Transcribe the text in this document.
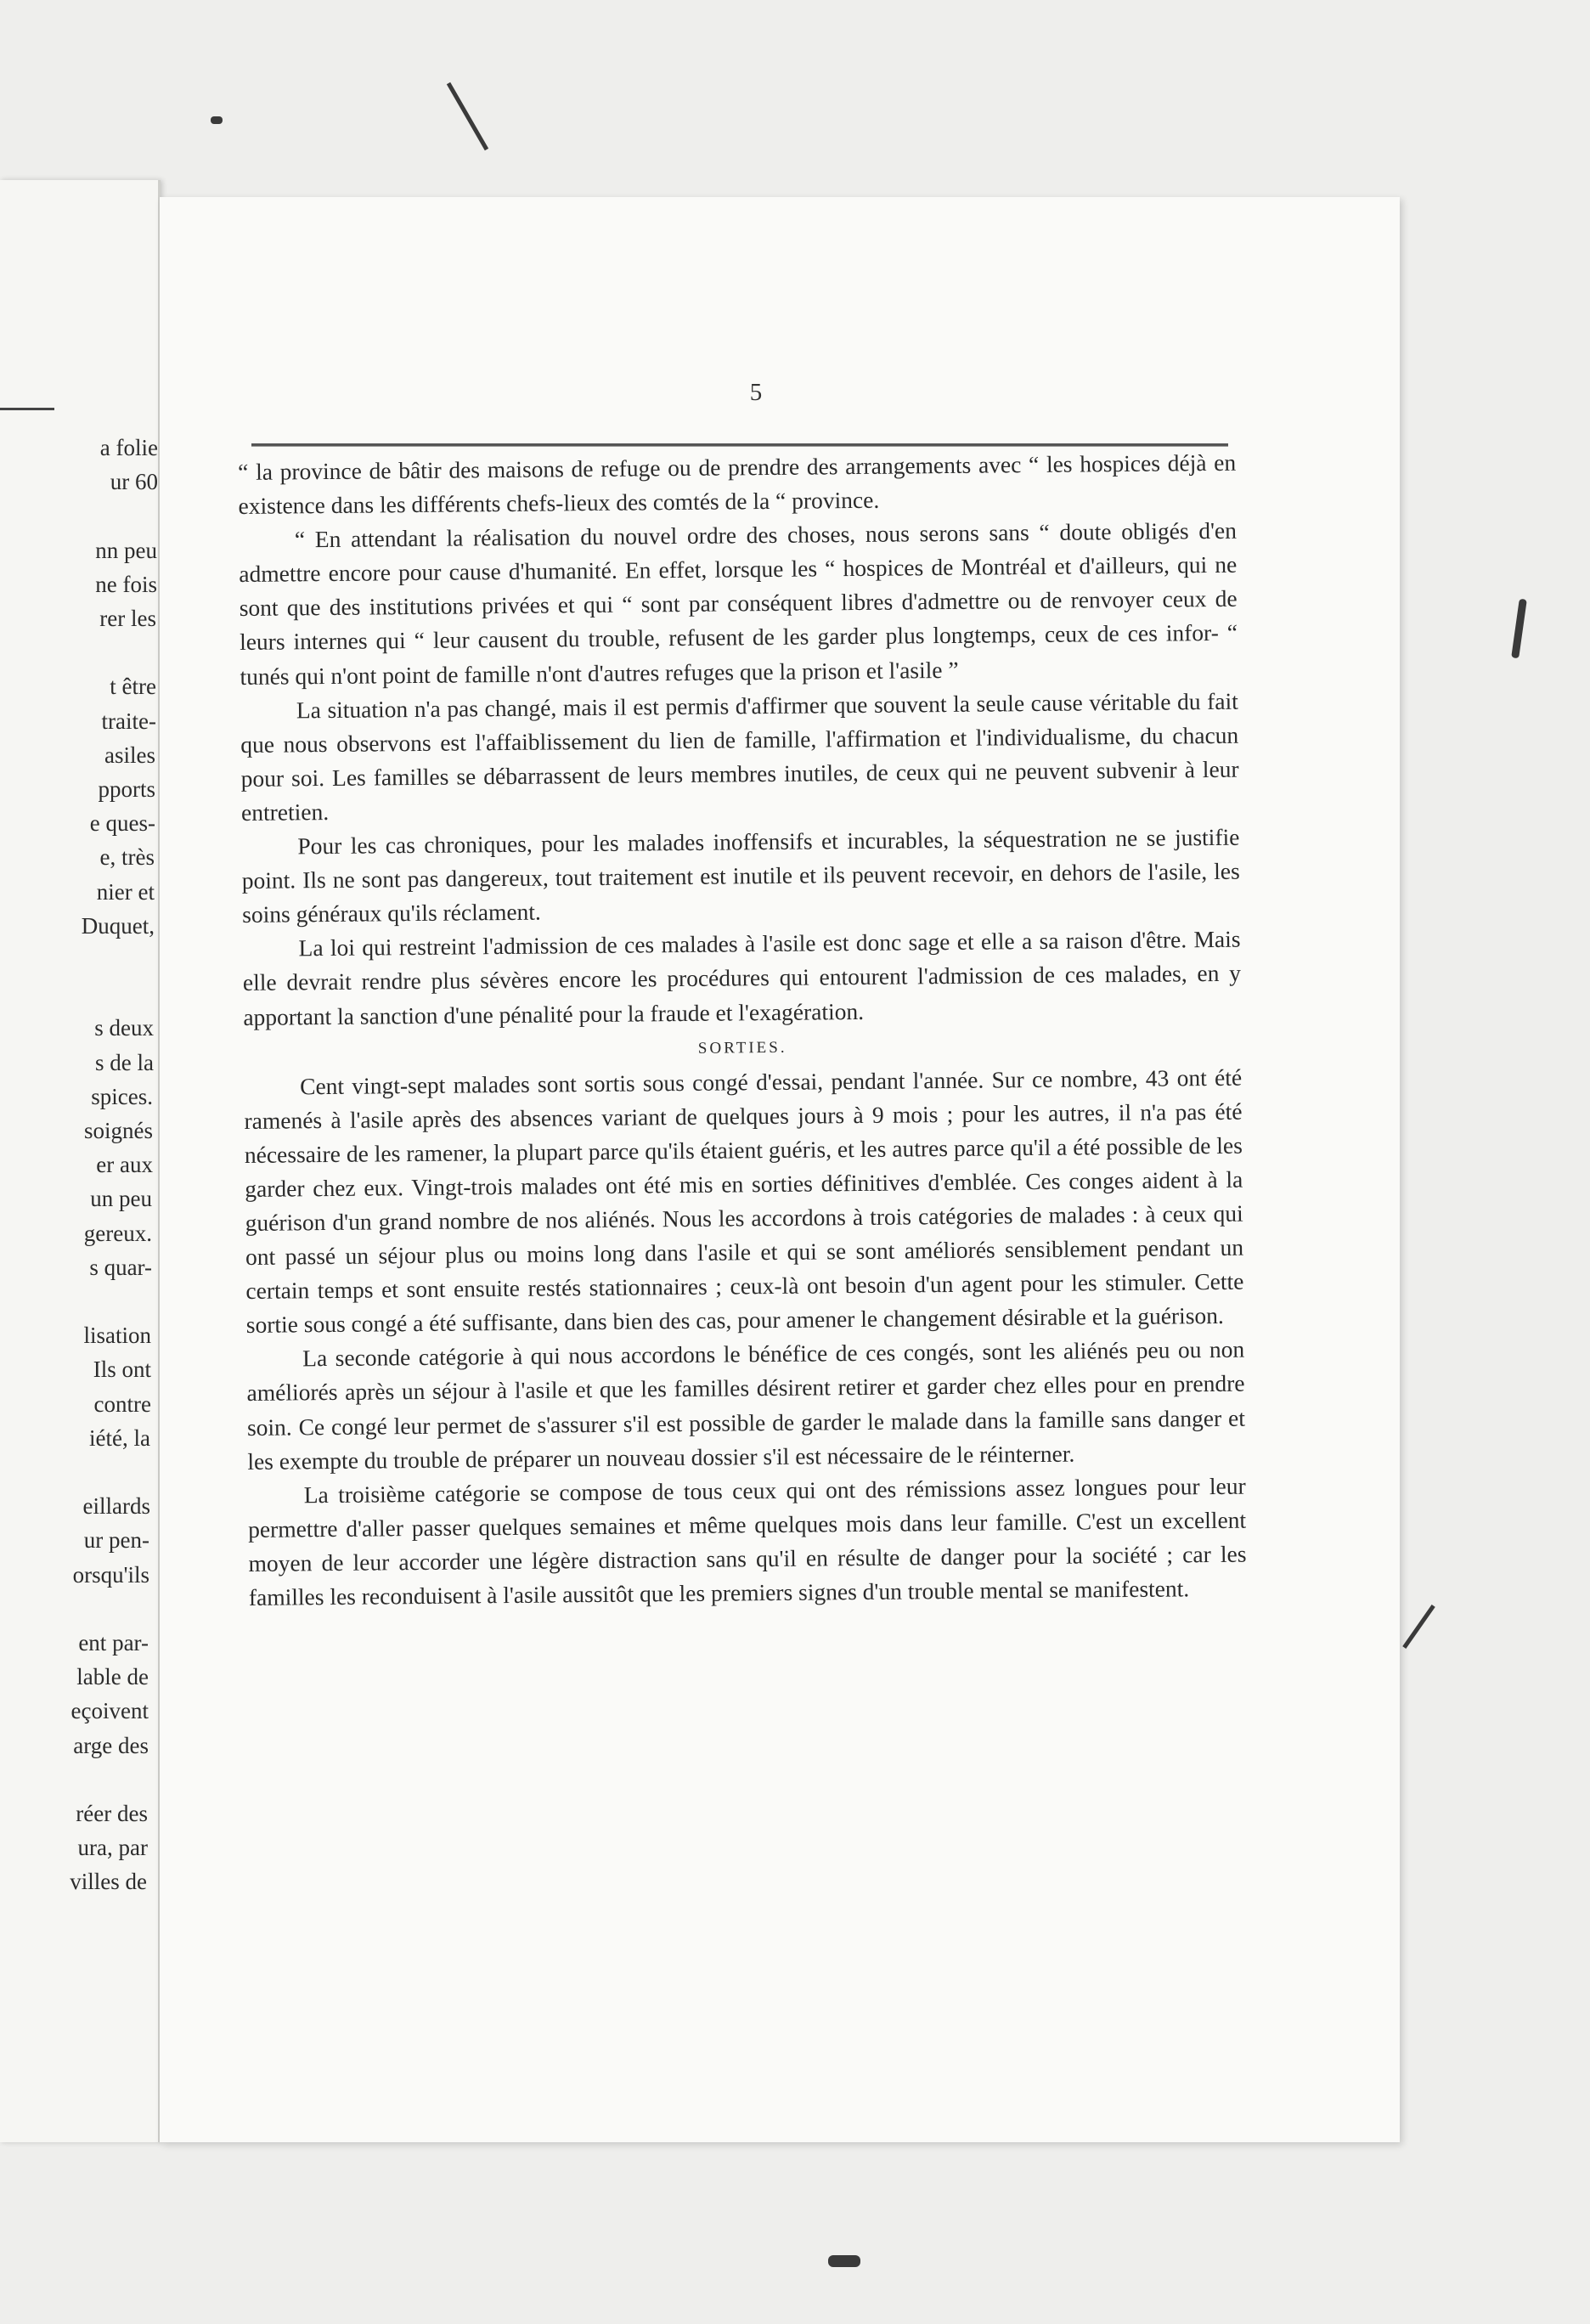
a folie
ur 60
nn peu
ne fois
rer les
t être
traite-
asiles
pports
e ques-
e, très
nier et
Duquet,
s deux
s de la
spices.
soignés
er aux
un peu
gereux.
s quar-
lisation
Ils ont
contre
iété, la
eillards
ur pen-
orsqu'ils
ent par-
lable de
eçoivent
arge des
réer des
ura, par
villes de
5

“ la province de bâtir des maisons de refuge ou de prendre des arrangements avec “ les hospices déjà en existence dans les différents chefs-lieux des comtés de la “ province.

“ En attendant la réalisation du nouvel ordre des choses, nous serons sans “ doute obligés d'en admettre encore pour cause d'humanité. En effet, lorsque les “ hospices de Montréal et d'ailleurs, qui ne sont que des institutions privées et qui “ sont par conséquent libres d'admettre ou de renvoyer ceux de leurs internes qui “ leur causent du trouble, refusent de les garder plus longtemps, ceux de ces infor- “ tunés qui n'ont point de famille n'ont d'autres refuges que la prison et l'asile ”

La situation n'a pas changé, mais il est permis d'affirmer que souvent la seule cause véritable du fait que nous observons est l'affaiblissement du lien de famille, l'affirmation et l'individualisme, du chacun pour soi. Les familles se débarrassent de leurs membres inutiles, de ceux qui ne peuvent subvenir à leur entretien.

Pour les cas chroniques, pour les malades inoffensifs et incurables, la séquestration ne se justifie point. Ils ne sont pas dangereux, tout traitement est inutile et ils peuvent recevoir, en dehors de l'asile, les soins généraux qu'ils réclament.

La loi qui restreint l'admission de ces malades à l'asile est donc sage et elle a sa raison d'être. Mais elle devrait rendre plus sévères encore les procédures qui entourent l'admission de ces malades, en y apportant la sanction d'une pénalité pour la fraude et l'exagération.

SORTIES.

Cent vingt-sept malades sont sortis sous congé d'essai, pendant l'année. Sur ce nombre, 43 ont été ramenés à l'asile après des absences variant de quelques jours à 9 mois ; pour les autres, il n'a pas été nécessaire de les ramener, la plupart parce qu'ils étaient guéris, et les autres parce qu'il a été possible de les garder chez eux. Vingt-trois malades ont été mis en sorties définitives d'emblée. Ces conges aident à la guérison d'un grand nombre de nos aliénés. Nous les accordons à trois catégories de malades : à ceux qui ont passé un séjour plus ou moins long dans l'asile et qui se sont améliorés sensiblement pendant un certain temps et sont ensuite restés stationnaires ; ceux-là ont besoin d'un agent pour les stimuler. Cette sortie sous congé a été suffisante, dans bien des cas, pour amener le changement désirable et la guérison.

La seconde catégorie à qui nous accordons le bénéfice de ces congés, sont les aliénés peu ou non améliorés après un séjour à l'asile et que les familles désirent retirer et garder chez elles pour en prendre soin. Ce congé leur permet de s'assurer s'il est possible de garder le malade dans la famille sans danger et les exempte du trouble de préparer un nouveau dossier s'il est nécessaire de le réinterner.

La troisième catégorie se compose de tous ceux qui ont des rémissions assez longues pour leur permettre d'aller passer quelques semaines et même quelques mois dans leur famille. C'est un excellent moyen de leur accorder une légère distraction sans qu'il en résulte de danger pour la société ; car les familles les reconduisent à l'asile aussitôt que les premiers signes d'un trouble mental se manifestent.
